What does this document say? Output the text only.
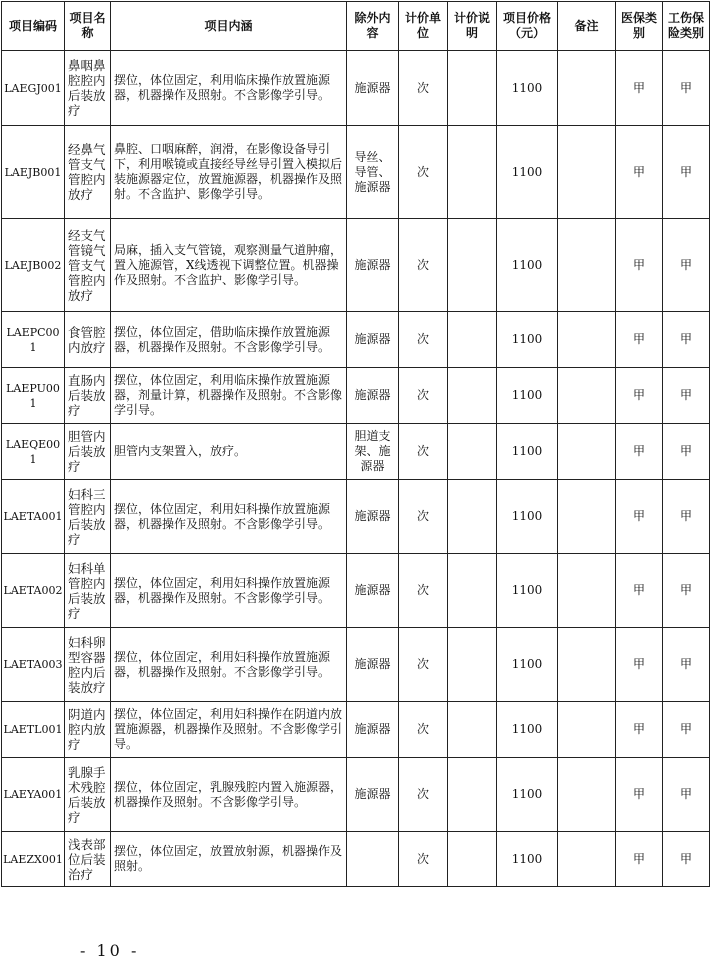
项目编码	项目名称	项目内涵	除外内容	计价单位	计价说明	项目价格（元）	备注	医保类别	工伤保险类别
LAEGJ001	鼻咽鼻腔腔内后装放疗	摆位，体位固定，利用临床操作放置施源器，机器操作及照射。不含影像学引导。	施源器	次		1100		甲	甲
LAEJB001	经鼻气管支气管腔内放疗	鼻腔、口咽麻醉，润滑，在影像设备导引下，利用喉镜或直接经导丝导引置入模拟后装施源器定位，放置施源器，机器操作及照射。不含监护、影像学引导。	导丝、导管、施源器	次		1100		甲	甲
LAEJB002	经支气管镜气管支气管腔内放疗	局麻，插入支气管镜，观察测量气道肿瘤，置入施源管，X线透视下调整位置。机器操作及照射。不含监护、影像学引导。	施源器	次		1100		甲	甲
LAEPC001	食管腔内放疗	摆位，体位固定，借助临床操作放置施源器，机器操作及照射。不含影像学引导。	施源器	次		1100		甲	甲
LAEPU001	直肠内后装放疗	摆位，体位固定，利用临床操作放置施源器，剂量计算，机器操作及照射。不含影像学引导。	施源器	次		1100		甲	甲
LAEQE001	胆管内后装放疗	胆管内支架置入，放疗。	胆道支架、施源器	次		1100		甲	甲
LAETA001	妇科三管腔内后装放疗	摆位，体位固定，利用妇科操作放置施源器，机器操作及照射。不含影像学引导。	施源器	次		1100		甲	甲
LAETA002	妇科单管腔内后装放疗	摆位，体位固定，利用妇科操作放置施源器，机器操作及照射。不含影像学引导。	施源器	次		1100		甲	甲
LAETA003	妇科卵型容器腔内后装放疗	摆位，体位固定，利用妇科操作放置施源器，机器操作及照射。不含影像学引导。	施源器	次		1100		甲	甲
LAETL001	阴道内腔内放疗	摆位，体位固定，利用妇科操作在阴道内放置施源器，机器操作及照射。不含影像学引导。	施源器	次		1100		甲	甲
LAEYA001	乳腺手术残腔后装放疗	摆位，体位固定，乳腺残腔内置入施源器，机器操作及照射。不含影像学引导。	施源器	次		1100		甲	甲
LAEZX001	浅表部位后装治疗	摆位，体位固定，放置放射源，机器操作及照射。		次		1100		甲	甲
- 10 -
